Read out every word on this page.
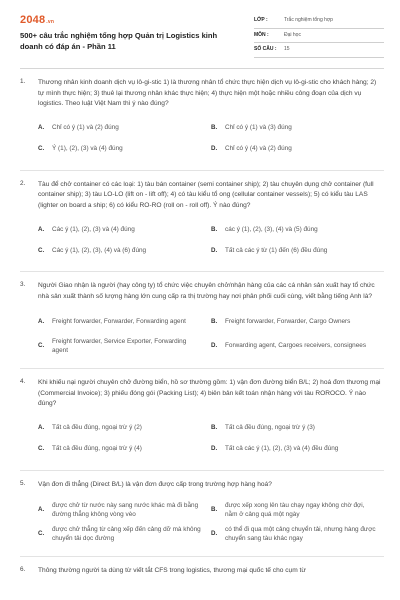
2048.vn
500+ câu trắc nghiệm tổng hợp Quản trị Logistics kinh doanh có đáp án - Phần 11
LỚP :	Trắc nghiệm tổng hợp
MÔN :	Đại học
SỐ CÂU : 15
1. Thương nhân kinh doanh dịch vụ lô-gi-stic 1) là thương nhân tổ chức thực hiện dịch vụ lô-gi-stic cho khách hàng; 2) tự mình thực hiện; 3) thuê lại thương nhân khác thực hiện; 4) thực hiện một hoặc nhiều công đoạn của dịch vụ logistics. Theo luật Việt Nam thì ý nào đúng?
A.	Chỉ có ý (1) và (2) đúng	B.	Chỉ có ý (1) và (3) đúng
C.	Ý (1), (2), (3) và (4) đúng	D.	Chỉ có ý (4) và (2) đúng
2. Tàu để chở container có các loại: 1) tàu bán container (semi container ship); 2) tàu chuyên dụng chở container (full container ship); 3) tàu LO-LO (lift on - lift off); 4) có tàu kiểu tổ ong (cellular container vessels); 5) có kiểu tàu LAS (lighter on board a ship; 6) có kiểu RO-RO (roll on - roll off). Ý nào đúng?
A.	Các ý (1), (2), (3) và (4) đúng	B.	các ý (1), (2), (3), (4) và (5) đúng
C.	Các ý (1), (2), (3), (4) và (6) đúng	D.	Tất cả các ý từ (1) đến (6) đều đúng
3. Người Giao nhận là người (hay công ty) tổ chức việc chuyên chở/nhận hàng của các cá nhân sản xuất hay tổ chức nhà sản xuất thành số lượng hàng lớn cung cấp ra thị trường hay nơi phân phối cuối cùng, viết bằng tiếng Anh là?
A.	Freight forwarder, Forwarder, Forwarding agent	B.	Freight forwarder, Forwarder, Cargo Owners
C.
Freight forwarder, Service Exporter, Forwarding agent
D.	Forwarding agent, Cargoes receivers, consignees
4. Khi khiếu nại người chuyên chở đường biển, hồ sơ thường gồm: 1) vận đơn đường biển B/L; 2) hoá đơn thương mại (Commercial Invoice); 3) phiếu đóng gói (Packing List); 4) biên bản kết toán nhận hàng với tàu ROROCO. Ý nào đúng?
A.	Tất cả đều đúng, ngoại trừ ý (2)	B.	Tất cả đều đúng, ngoại trừ ý (3)
C.	Tất cả đều đúng, ngoại trừ ý (4)	D.	Tất cả các ý (1), (2), (3) và (4) đều đúng
5. Vận đơn đi thẳng (Direct B/L) là vận đơn được cấp trong trường hợp hàng hoá?
A.
được chở từ nước này sang nước khác mà đi bằng đường thẳng không vòng vèo
B.
được xếp xong lên tàu chạy ngay không chờ đợi, nằm ở cảng quá một ngày
C.
được chở thẳng từ cảng xếp đến cảng dỡ mà không chuyển tải dọc đường
D.
có thể đi qua một cảng chuyển tải, nhưng hàng được chuyển sang tàu khác ngay
6. Thông thường người ta dùng từ viết tắt CFS trong logistics, thương mại quốc tế cho cụm từ
